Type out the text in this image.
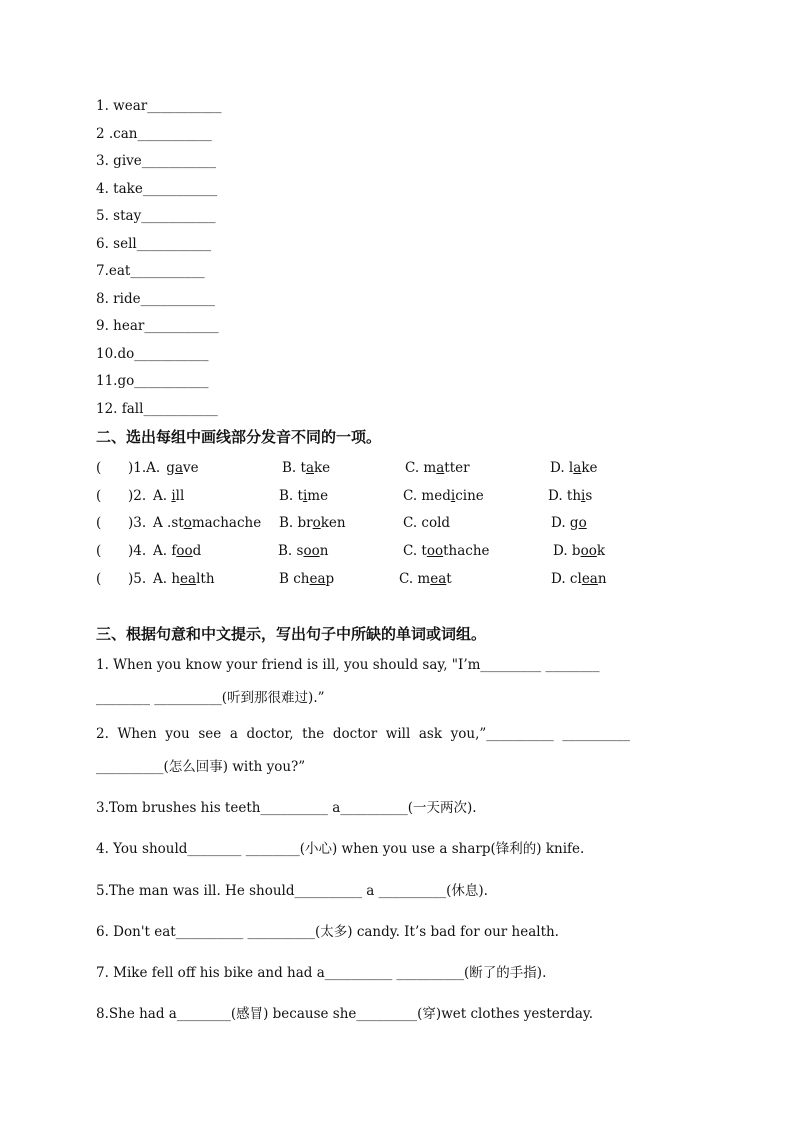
1. wear___________
2 .can___________
3. give___________
4. take___________
5. stay___________
6. sell___________
7.eat___________
8. ride___________
9. hear___________
10.do___________
11.go___________
12. fall___________
二、选出每组中画线部分发音不同的一项。
( )1.A. gave	B. take	C. matter	D. lake
( )2. A. ill	B. time	C. medicine	D. this
( )3. A .stomachache B. broken	C. cold	D. go
( )4. A. food	B. soon	C. toothache	D. book
( )5. A. health	B cheap	C. meat	D. clean
三、根据句意和中文提示，写出句子中所缺的单词或词组。
1. When you know your friend is ill, you should say, "I’m_________ ________
________ __________(听到那很难过).”
2.  When  you  see  a  doctor,  the  doctor  will  ask  you,”__________  __________
__________(怎么回事) with you?”
3.Tom brushes his teeth__________ a__________(一天两次).
4. You should________ ________(小心) when you use a sharp(锋利的) knife.
5.The man was ill. He should__________ a __________(休息).
6. Don't eat__________ __________(太多) candy. It’s bad for our health.
7. Mike fell off his bike and had a__________ __________(断了的手指).
8.She had a________(感冒) because she_________(穿)wet clothes yesterday.
